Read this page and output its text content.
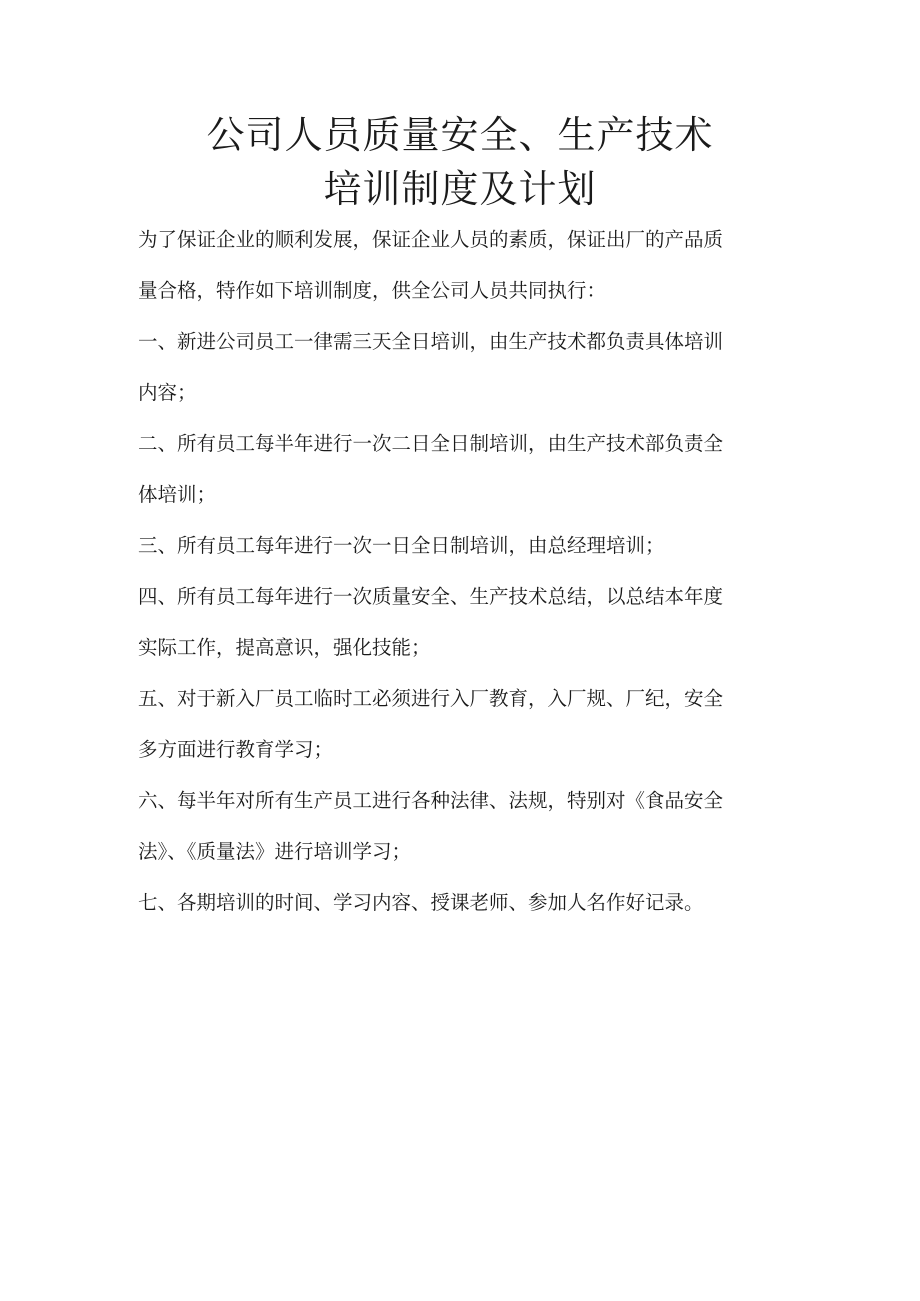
公司人员质量安全、生产技术
培训制度及计划

为了保证企业的顺利发展，保证企业人员的素质，保证出厂的产品质

量合格，特作如下培训制度，供全公司人员共同执行：

一、新进公司员工一律需三天全日培训，由生产技术都负责具体培训

内容；

二、所有员工每半年进行一次二日全日制培训，由生产技术部负责全

体培训；

三、所有员工每年进行一次一日全日制培训，由总经理培训；

四、所有员工每年进行一次质量安全、生产技术总结，以总结本年度

实际工作，提高意识，强化技能；

五、对于新入厂员工临时工必须进行入厂教育，入厂规、厂纪，安全

多方面进行教育学习；

六、每半年对所有生产员工进行各种法律、法规，特别对《食品安全

法》、《质量法》进行培训学习；

七、各期培训的时间、学习内容、授课老师、参加人名作好记录。
